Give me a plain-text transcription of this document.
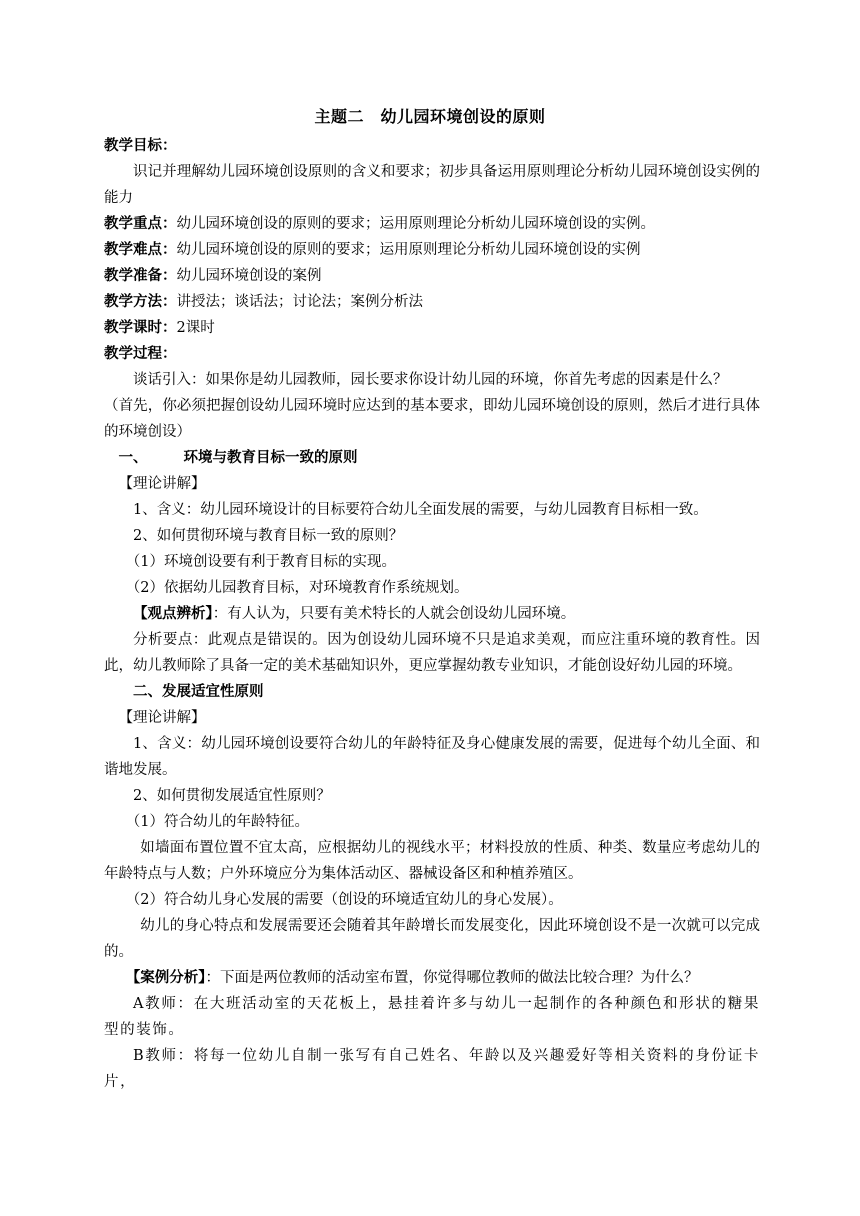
主题二　幼儿园环境创设的原则

教学目标：

识记并理解幼儿园环境创设原则的含义和要求；初步具备运用原则理论分析幼儿园环境创设实例的能力

教学重点：幼儿园环境创设的原则的要求；运用原则理论分析幼儿园环境创设的实例。

教学难点：幼儿园环境创设的原则的要求；运用原则理论分析幼儿园环境创设的实例

教学准备：幼儿园环境创设的案例

教学方法：讲授法；谈话法；讨论法；案例分析法

教学课时：2课时

教学过程：

谈话引入：如果你是幼儿园教师，园长要求你设计幼儿园的环境，你首先考虑的因素是什么？

（首先，你必须把握创设幼儿园环境时应达到的基本要求，即幼儿园环境创设的原则，然后才进行具体的环境创设）

一、 环境与教育目标一致的原则

【理论讲解】

1、含义：幼儿园环境设计的目标要符合幼儿全面发展的需要，与幼儿园教育目标相一致。

2、如何贯彻环境与教育目标一致的原则？

（1）环境创设要有利于教育目标的实现。

（2）依据幼儿园教育目标，对环境教育作系统规划。

【观点辨析】：有人认为，只要有美术特长的人就会创设幼儿园环境。

分析要点：此观点是错误的。因为创设幼儿园环境不只是追求美观，而应注重环境的教育性。因此，幼儿教师除了具备一定的美术基础知识外，更应掌握幼教专业知识，才能创设好幼儿园的环境。

二、发展适宜性原则

【理论讲解】

1、含义：幼儿园环境创设要符合幼儿的年龄特征及身心健康发展的需要，促进每个幼儿全面、和谐地发展。

2、如何贯彻发展适宜性原则？

（1）符合幼儿的年龄特征。

如墙面布置位置不宜太高，应根据幼儿的视线水平；材料投放的性质、种类、数量应考虑幼儿的年龄特点与人数；户外环境应分为集体活动区、器械设备区和种植养殖区。

（2）符合幼儿身心发展的需要（创设的环境适宜幼儿的身心发展）。

幼儿的身心特点和发展需要还会随着其年龄增长而发展变化，因此环境创设不是一次就可以完成的。

【案例分析】：下面是两位教师的活动室布置，你觉得哪位教师的做法比较合理？为什么？

A教师：在大班活动室的天花板上，悬挂着许多与幼儿一起制作的各种颜色和形状的糖果型的装饰。

B教师：将每一位幼儿自制一张写有自己姓名、年龄以及兴趣爱好等相关资料的身份证卡片，
